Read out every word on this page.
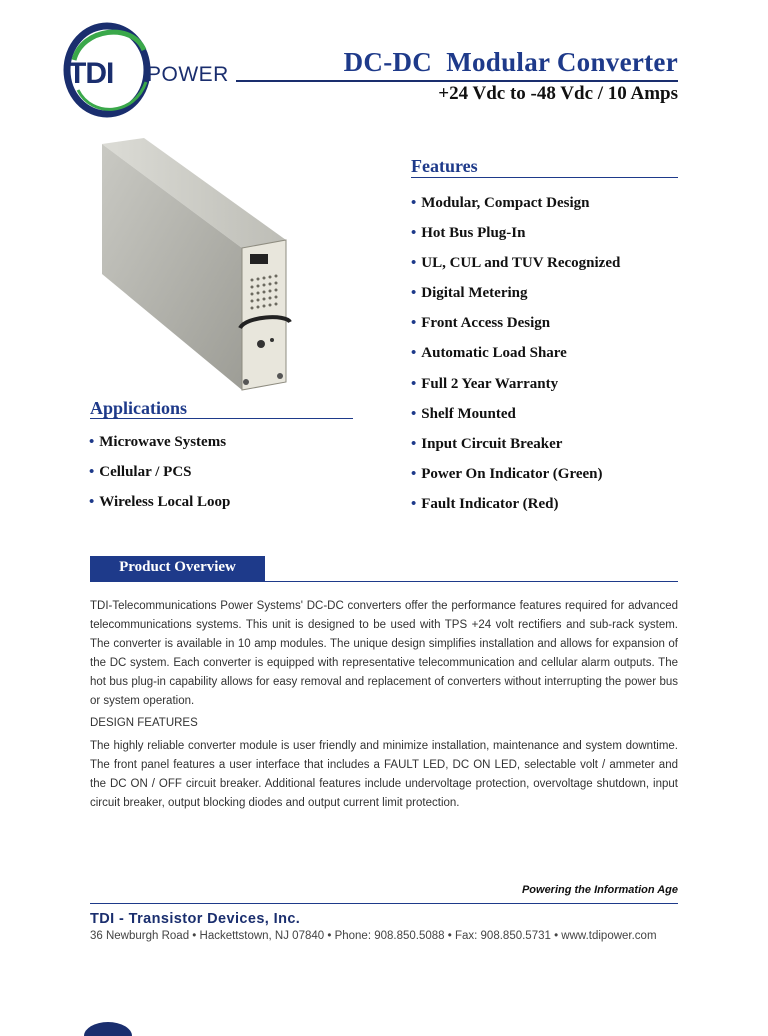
TDI POWER	DC-DC  Modular Converter
+24 Vdc to -48 Vdc / 10 Amps
Features
• Modular, Compact Design
• Hot Bus Plug-In
• UL, CUL and TUV Recognized
• Digital Metering
• Front Access Design
• Automatic Load Share
• Full 2 Year Warranty
• Shelf Mounted
• Input Circuit Breaker
• Power On Indicator (Green)
• Fault Indicator (Red)
Applications
• Microwave Systems
• Cellular / PCS
• Wireless Local Loop
Product Overview
TDI-Telecommunications Power Systems' DC-DC converters offer the performance features required for advanced telecommunications systems. This unit is designed to be used with TPS +24 volt rectifiers and sub-rack system. The converter is available in 10 amp modules. The unique design simplifies installation and allows for expansion of the DC system. Each converter is equipped with representative telecommunication and cellular alarm outputs. The hot bus plug-in capability allows for easy removal and replacement of converters without interrupting the power bus or system operation.
DESIGN FEATURES
The highly reliable converter module is user friendly and minimize installation, maintenance and system downtime. The front panel features a user interface that includes a FAULT LED, DC ON LED, selectable volt / ammeter and the DC ON / OFF circuit breaker. Additional features include undervoltage protection, overvoltage shutdown, input circuit breaker, output blocking diodes and output current limit protection.
Powering the Information Age
TDI - Transistor Devices, Inc.
36 Newburgh Road • Hackettstown, NJ 07840 • Phone: 908.850.5088 • Fax: 908.850.5731 • www.tdipower.com
